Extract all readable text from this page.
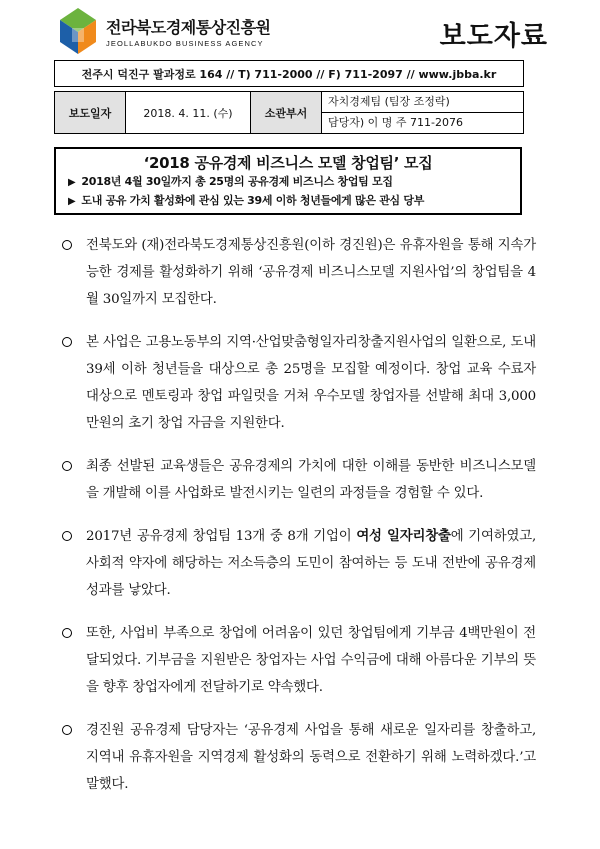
전라북도경제통상진흥원
JEOLLABUKDO BUSINESS AGENCY	보도자료
전주시 덕진구 팔과정로 164 // T) 711-2000 // F) 711-2097 // www.jbba.kr

보도일자	2018. 4. 11. (수)	소관부서	자치경제팀 (팀장 조정락)
담당자) 이 명 주 711-2076
‘2018 공유경제 비즈니스 모델 창업팀’ 모집
▶ 2018년 4월 30일까지 총 25명의 공유경제 비즈니스 창업팀 모집
▶ 도내 공유 가치 활성화에 관심 있는 39세 이하 청년들에게 많은 관심 당부
전북도와 (재)전라북도경제통상진흥원(이하 경진원)은 유휴자원을 통해 지속가능한 경제를 활성화하기 위해 ‘공유경제 비즈니스모델 지원사업’의 창업팀을 4월 30일까지 모집한다.
본 사업은 고용노동부의 지역·산업맞춤형일자리창출지원사업의 일환으로, 도내 39세 이하 청년들을 대상으로 총 25명을 모집할 예정이다. 창업 교육 수료자 대상으로 멘토링과 창업 파일럿을 거쳐 우수모델 창업자를 선발해 최대 3,000만원의 초기 창업 자금을 지원한다.
최종 선발된 교육생들은 공유경제의 가치에 대한 이해를 동반한 비즈니스모델을 개발해 이를 사업화로 발전시키는 일련의 과정들을 경험할 수 있다.
2017년 공유경제 창업팀 13개 중 8개 기업이 여성 일자리창출에 기여하였고, 사회적 약자에 해당하는 저소득층의 도민이 참여하는 등 도내 전반에 공유경제 성과를 낳았다.
또한, 사업비 부족으로 창업에 어려움이 있던 창업팀에게 기부금 4백만원이 전달되었다. 기부금을 지원받은 창업자는 사업 수익금에 대해 아름다운 기부의 뜻을 향후 창업자에게 전달하기로 약속했다.
경진원 공유경제 담당자는 ‘공유경제 사업을 통해 새로운 일자리를 창출하고, 지역내 유휴자원을 지역경제 활성화의 동력으로 전환하기 위해 노력하겠다.’고 말했다.
